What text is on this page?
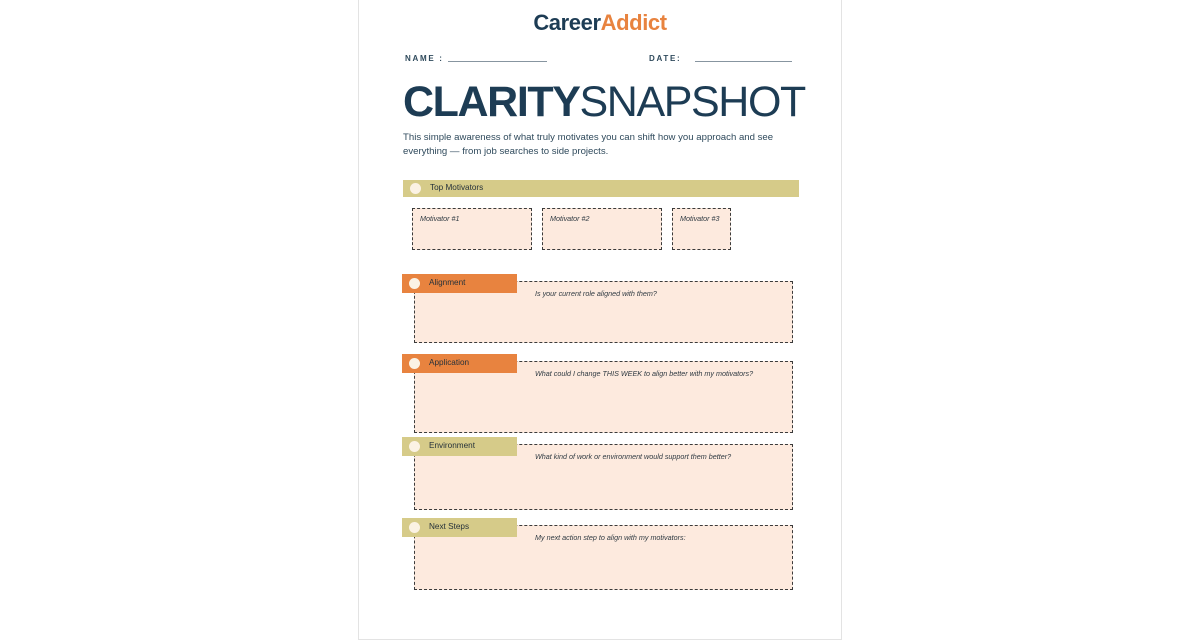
CareerAddict
NAME :	DATE:
CLARITYSNAPSHOT
This simple awareness of what truly motivates you can shift how you approach and see everything — from job searches to side projects.
Top Motivators
Motivator #1	Motivator #2	Motivator #3
Is your current role aligned with them?
Alignment
What could I change THIS WEEK to align better with my motivators?
Application
What kind of work or environment would support them better?
Environment
My next action step to align with my motivators:
Next Steps
